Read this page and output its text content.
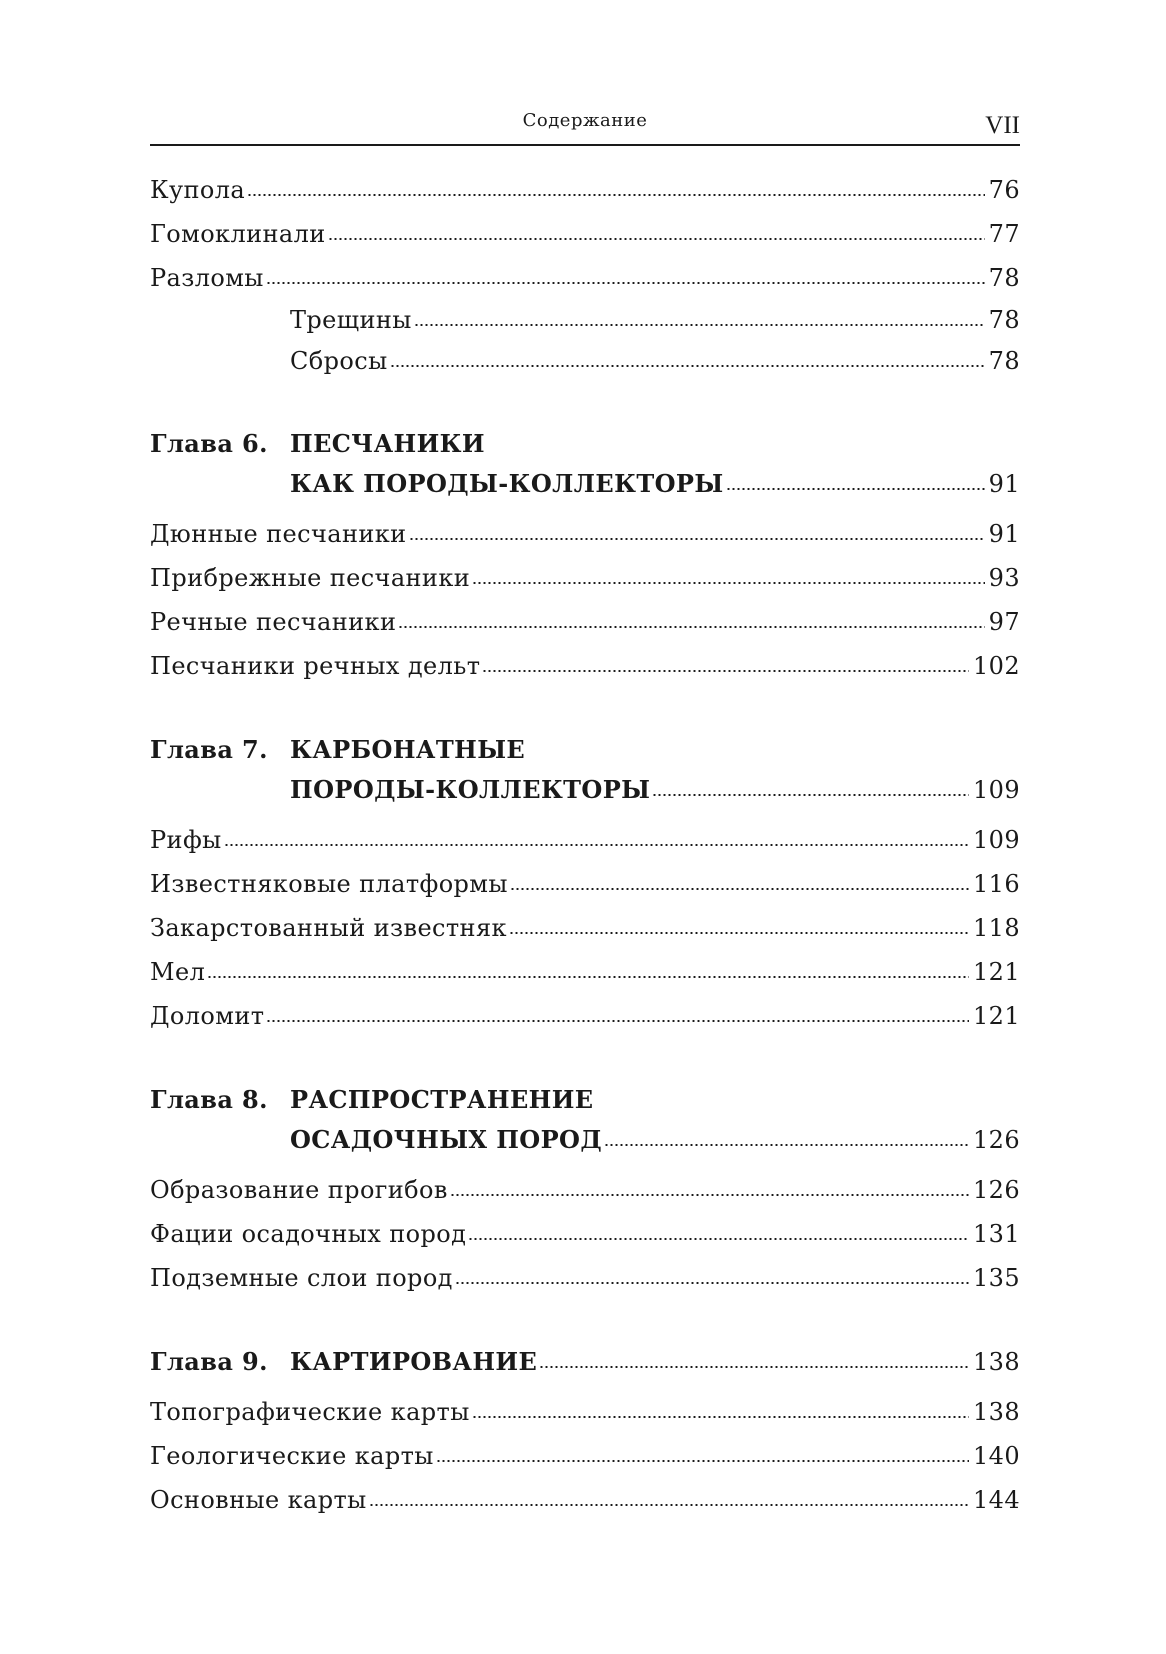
Содержание	VII
Купола	76
Гомоклинали	77
Разломы	78
Трещины	78
Сбросы	78
Глава 6. ПЕСЧАНИКИ
КАК ПОРОДЫ-КОЛЛЕКТОРЫ	91
Дюнные песчаники	91
Прибрежные песчаники	93
Речные песчаники	97
Песчаники речных дельт	102
Глава 7. КАРБОНАТНЫЕ
ПОРОДЫ-КОЛЛЕКТОРЫ	109
Рифы	109
Известняковые платформы	116
Закарстованный известняк	118
Мел	121
Доломит	121
Глава 8. РАСПРОСТРАНЕНИЕ
ОСАДОЧНЫХ ПОРОД	126
Образование прогибов	126
Фации осадочных пород	131
Подземные слои пород	135
Глава 9. КАРТИРОВАНИЕ	138
Топографические карты	138
Геологические карты	140
Основные карты	144
